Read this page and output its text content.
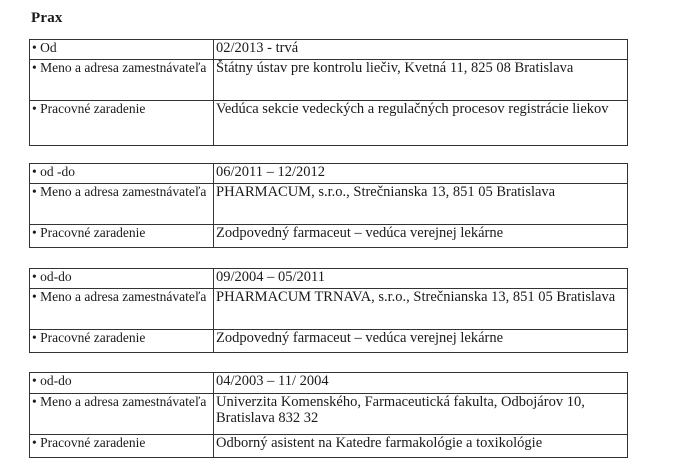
Prax
• Od	02/2013 - trvá
• Meno a adresa zamestnávateľa	Štátny ústav pre kontrolu liečiv, Kvetná 11, 825 08 Bratislava
• Pracovné zaradenie	Vedúca sekcie vedeckých a regulačných procesov registrácie liekov
• od -do	06/2011 – 12/2012
• Meno a adresa zamestnávateľa	PHARMACUM, s.r.o., Strečnianska 13, 851 05 Bratislava
• Pracovné zaradenie	Zodpovedný farmaceut – vedúca verejnej lekárne
• od-do	09/2004 – 05/2011
• Meno a adresa zamestnávateľa	PHARMACUM TRNAVA, s.r.o., Strečnianska 13, 851 05 Bratislava
• Pracovné zaradenie	Zodpovedný farmaceut – vedúca verejnej lekárne
• od-do	04/2003 – 11/ 2004
• Meno a adresa zamestnávateľa	Univerzita Komenského, Farmaceutická fakulta, Odbojárov 10, Bratislava 832 32
• Pracovné zaradenie	Odborný asistent na Katedre farmakológie a toxikológie
